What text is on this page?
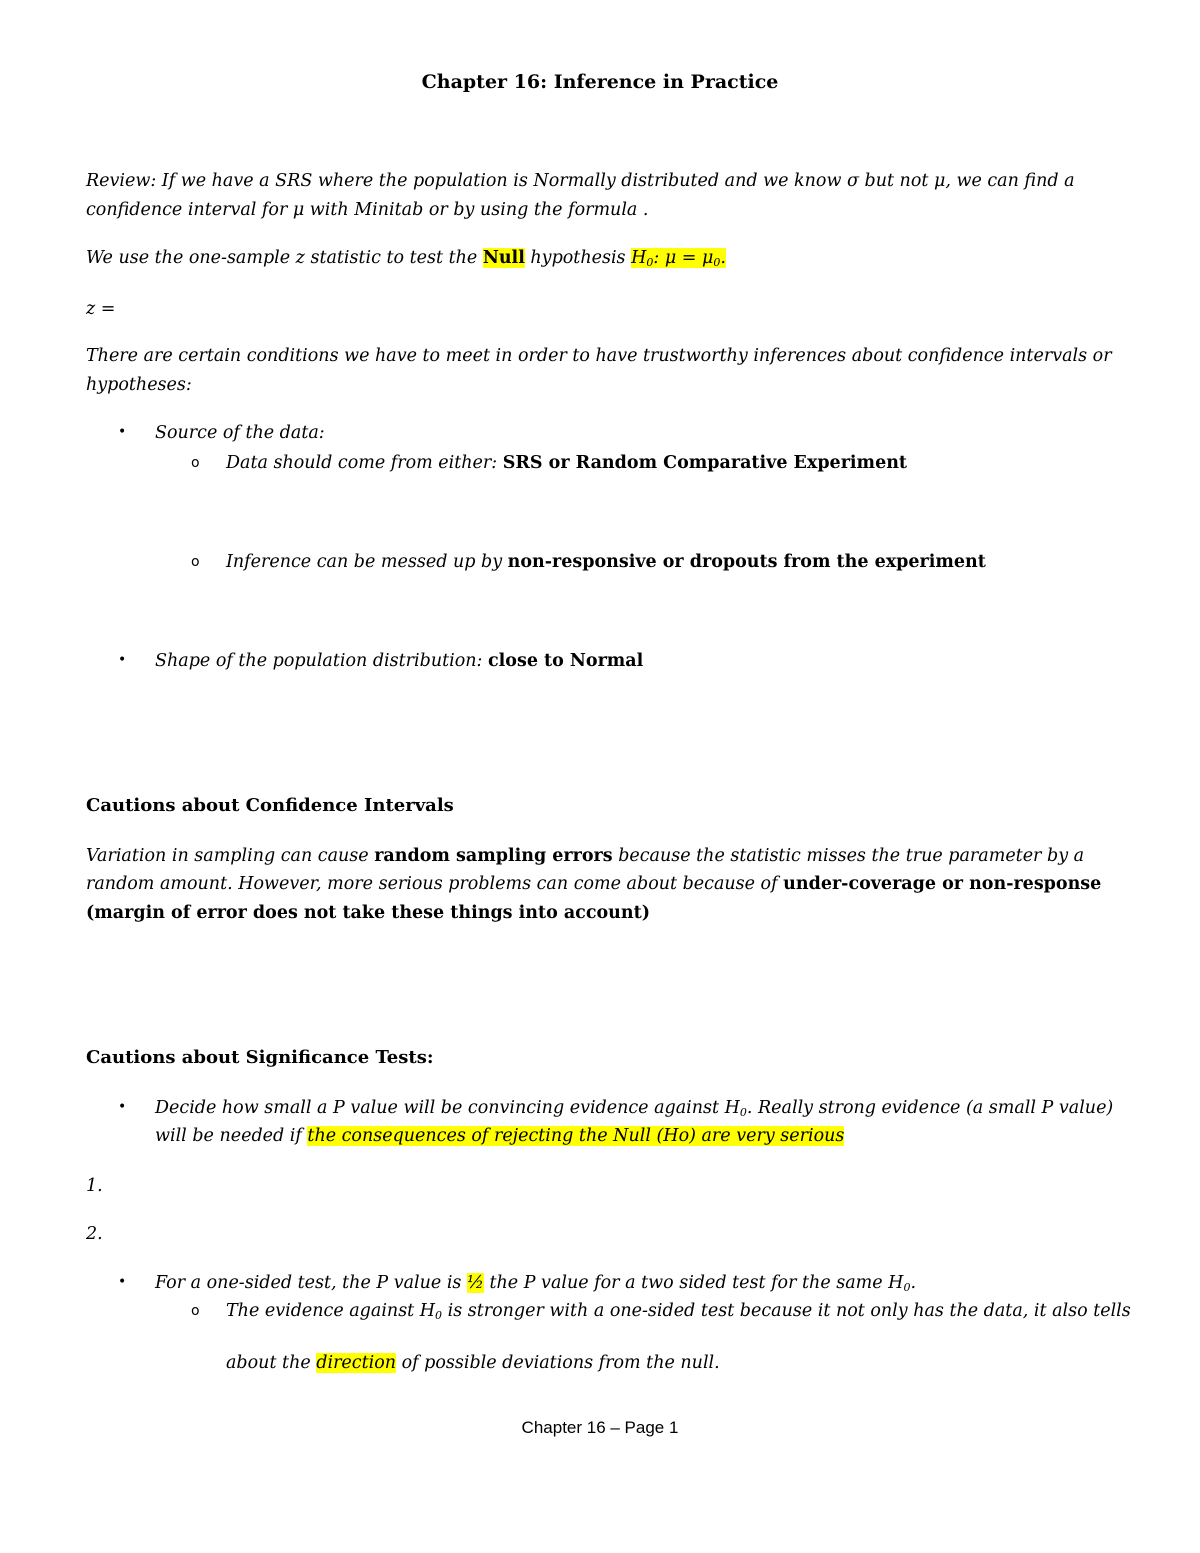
Chapter 16: Inference in Practice
Review: If we have a SRS where the population is Normally distributed and we know σ but not μ, we can find a
confidence interval for μ with Minitab or by using the formula .
We use the one-sample z statistic to test the Null hypothesis $H_0$: $\mu = \mu_0$.
z =
There are certain conditions we have to meet in order to have trustworthy inferences about confidence intervals or
hypotheses:
• Source of the data:
o Data should come from either: SRS or Random Comparative Experiment
o Inference can be messed up by non-responsive or dropouts from the experiment
• Shape of the population distribution: close to Normal
Cautions about Confidence Intervals
Variation in sampling can cause random sampling errors because the statistic misses the true parameter by a
random amount. However, more serious problems can come about because of under-coverage or non-response
(margin of error does not take these things into account)
Cautions about Significance Tests:
• Decide how small a P value will be convincing evidence against $H_0$. Really strong evidence (a small P value)
will be needed if the consequences of rejecting the Null (Ho) are very serious
1.
2.
• For a one-sided test, the P value is ½ the P value for a two sided test for the same $H_0$.
o The evidence against $H_0$ is stronger with a one-sided test because it not only has the data, it also tells
about the direction of possible deviations from the null.
Chapter 16 – Page 1
